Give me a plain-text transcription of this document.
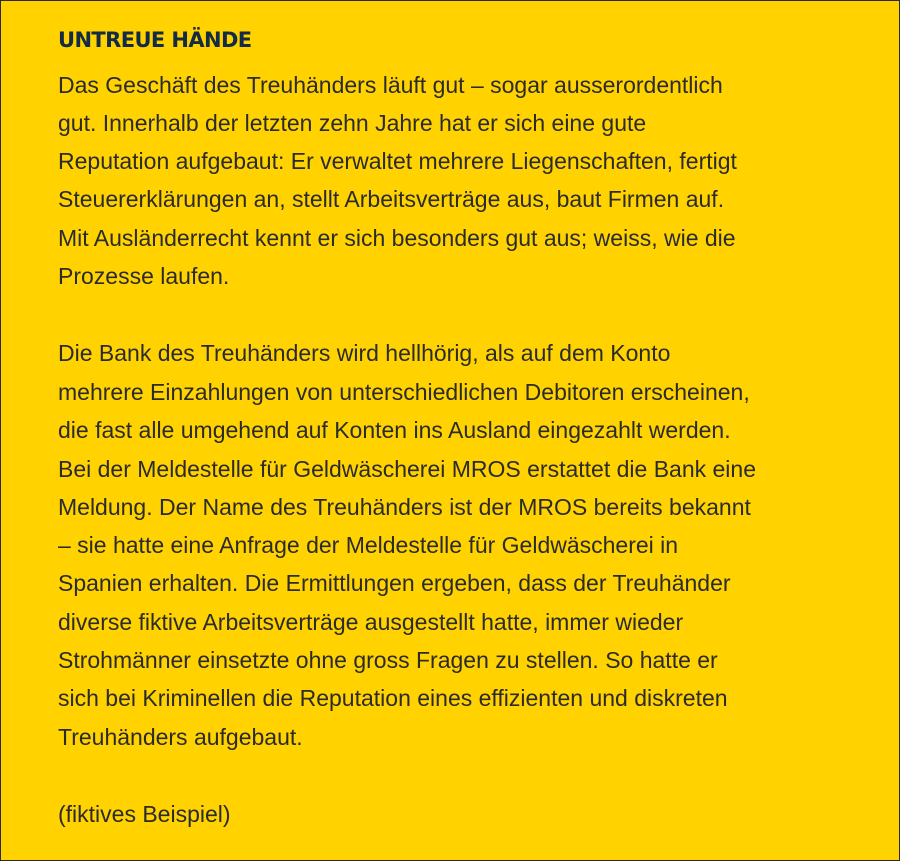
UNTREUE HÄNDE

Das Geschäft des Treuhänders läuft gut – sogar ausserordentlich

gut. Innerhalb der letzten zehn Jahre hat er sich eine gute

Reputation aufgebaut: Er verwaltet mehrere Liegenschaften, fertigt

Steuererklärungen an, stellt Arbeitsverträge aus, baut Firmen auf.

Mit Ausländerrecht kennt er sich besonders gut aus; weiss, wie die

Prozesse laufen.

Die Bank des Treuhänders wird hellhörig, als auf dem Konto

mehrere Einzahlungen von unterschiedlichen Debitoren erscheinen,

die fast alle umgehend auf Konten ins Ausland eingezahlt werden.

Bei der Meldestelle für Geldwäscherei MROS erstattet die Bank eine

Meldung. Der Name des Treuhänders ist der MROS bereits bekannt

– sie hatte eine Anfrage der Meldestelle für Geldwäscherei in

Spanien erhalten. Die Ermittlungen ergeben, dass der Treuhänder

diverse fiktive Arbeitsverträge ausgestellt hatte, immer wieder

Strohmänner einsetzte ohne gross Fragen zu stellen. So hatte er

sich bei Kriminellen die Reputation eines effizienten und diskreten

Treuhänders aufgebaut.

(fiktives Beispiel)
